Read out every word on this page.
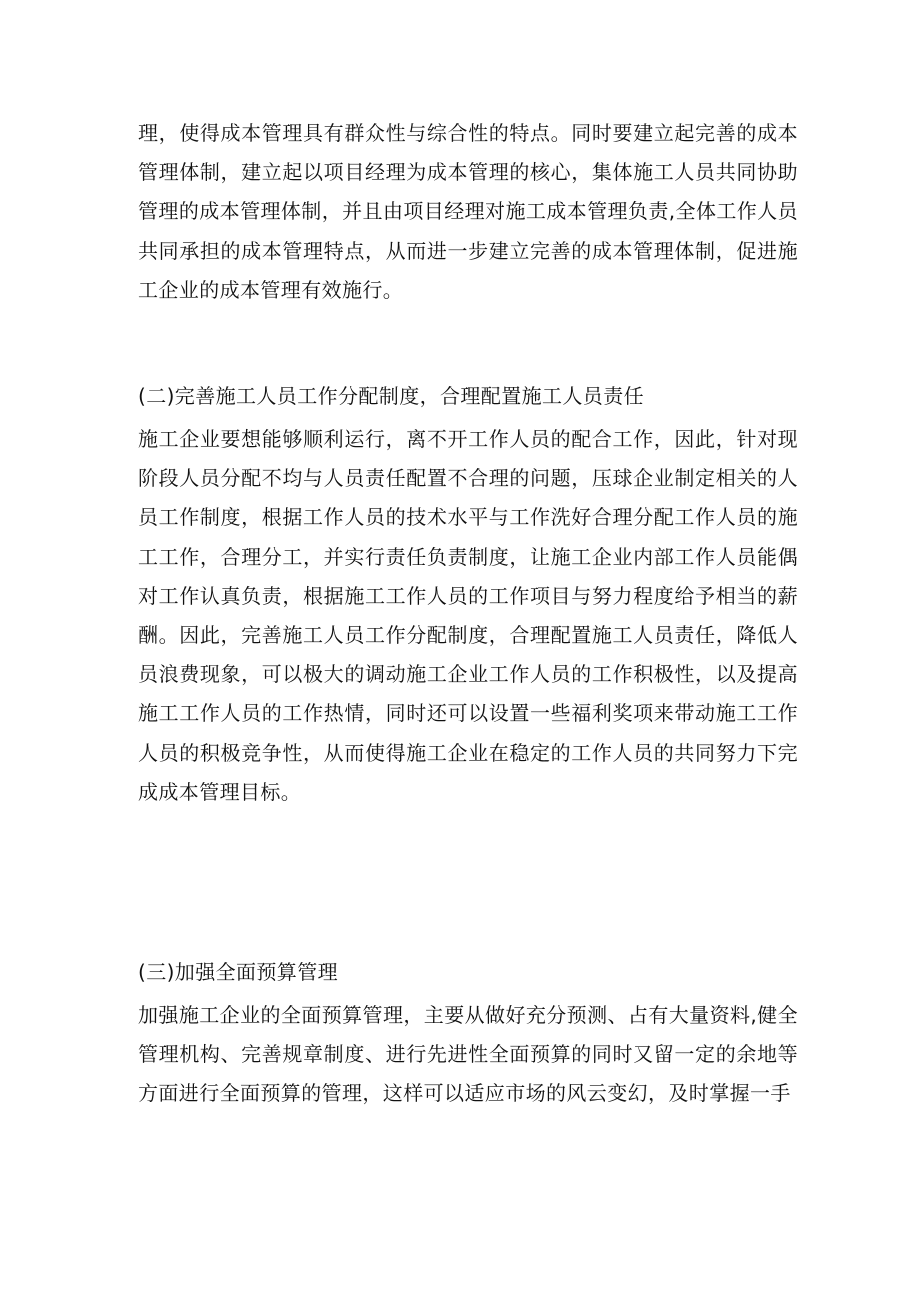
理，使得成本管理具有群众性与综合性的特点。同时要建立起完善的成本管理体制，建立起以项目经理为成本管理的核心，集体施工人员共同协助管理的成本管理体制，并且由项目经理对施工成本管理负责,全体工作人员共同承担的成本管理特点，从而进一步建立完善的成本管理体制，促进施工企业的成本管理有效施行。

(二)完善施工人员工作分配制度，合理配置施工人员责任

施工企业要想能够顺利运行，离不开工作人员的配合工作，因此，针对现阶段人员分配不均与人员责任配置不合理的问题，压球企业制定相关的人员工作制度，根据工作人员的技术水平与工作洗好合理分配工作人员的施工工作，合理分工，并实行责任负责制度，让施工企业内部工作人员能偶对工作认真负责，根据施工工作人员的工作项目与努力程度给予相当的薪酬。因此，完善施工人员工作分配制度，合理配置施工人员责任，降低人员浪费现象，可以极大的调动施工企业工作人员的工作积极性，以及提高施工工作人员的工作热情，同时还可以设置一些福利奖项来带动施工工作人员的积极竞争性，从而使得施工企业在稳定的工作人员的共同努力下完成成本管理目标。

(三)加强全面预算管理

加强施工企业的全面预算管理，主要从做好充分预测、占有大量资料,健全管理机构、完善规章制度、进行先进性全面预算的同时又留一定的余地等方面进行全面预算的管理，这样可以适应市场的风云变幻，及时掌握一手
